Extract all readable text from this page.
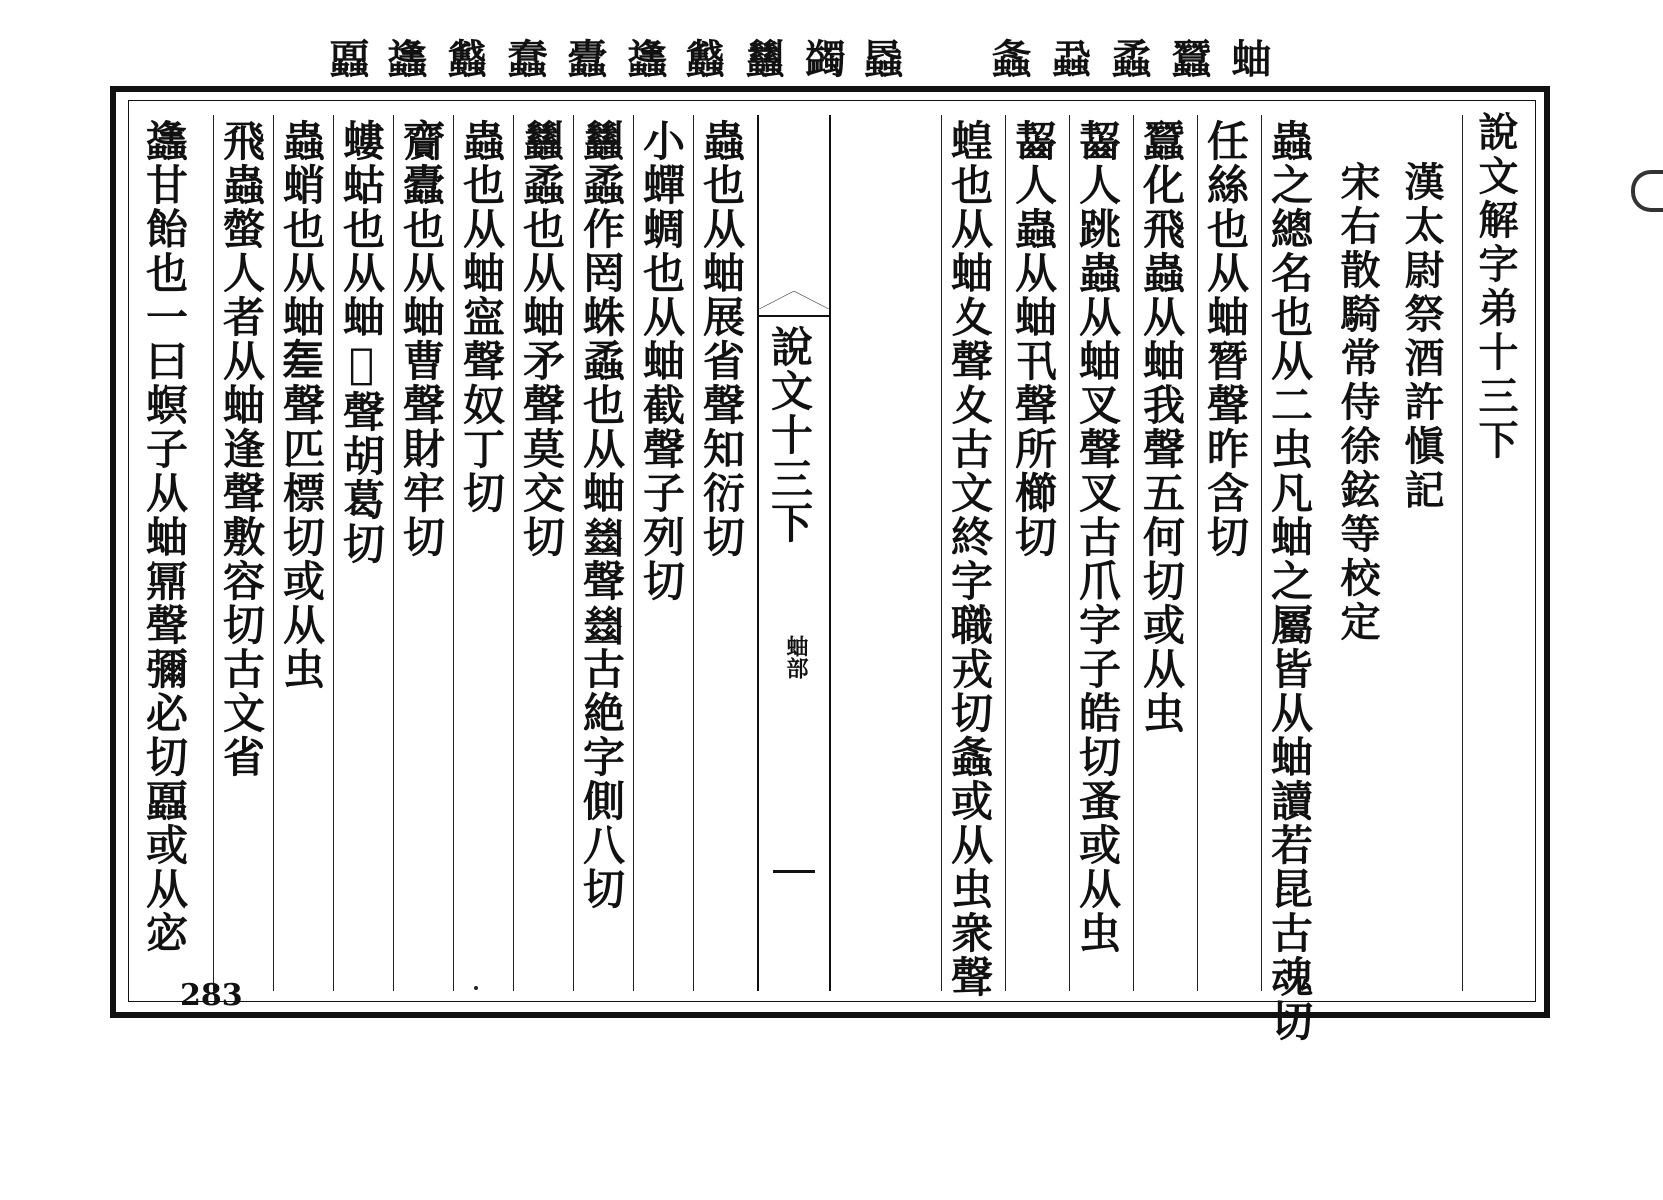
蚰
蠶
蟊
蝨
螽
蟁
蠲
蠿
蠽
蠭
蠹
蠢
蠽
蠭
蠠
說文解字弟十三下
漢太尉祭酒許愼記
宋右散騎常侍徐鉉等校定
蟲之總名也从二虫凡蚰之屬皆从蚰讀若昆古魂切
任絲也从蚰朁聲昨含切
蠶化飛蟲从蚰我聲五何切或从虫
齧人跳蟲从蚰叉聲叉古爪字子皓切蚤或从虫
齧人蟲从蚰卂聲所櫛切
蝗也从蚰夊聲夊古文終字職戎切螽或从虫衆聲
說文十三下
蚰部
蟲也从蚰展省聲知衍切
小蟬蜩也从蚰截聲子列切
蠿蟊作罔蛛蟊也从蚰𢇍聲𢇍古絶字側八切
蠿蟊也从蚰矛聲莫交切
蟲也从蚰寍聲奴丁切
齎蠹也从蚰曹聲財牢切
螻蛄也从蚰𦻏聲胡葛切
蟲蛸也从蚰𢀡聲匹標切或从虫
飛蟲螫人者从蚰逢聲敷容切古文省
蠭甘飴也一曰螟子从蚰鼏聲彌必切蠠或从宓
283
